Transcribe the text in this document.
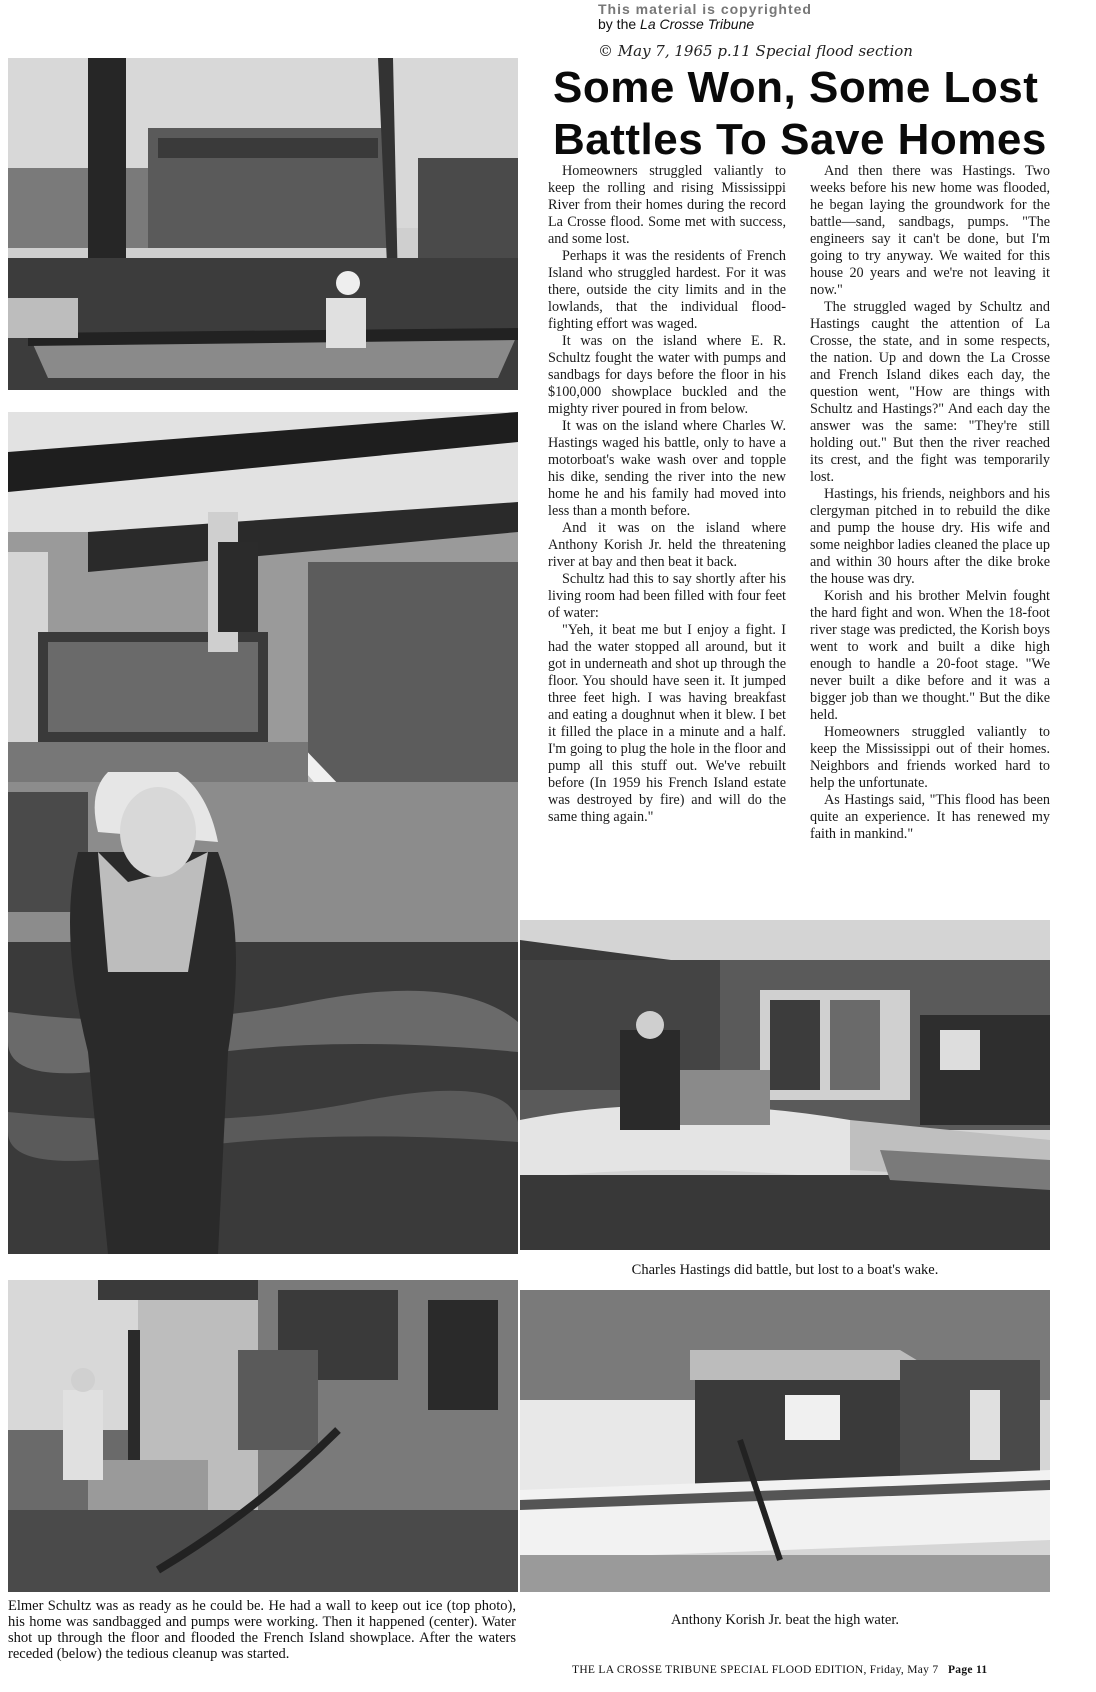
This material is copyrighted
by the La Crosse Tribune
© May 7, 1965 p.11 Special flood section
Some Won, Some Lost
Battles To Save Homes

Homeowners struggled valiantly to keep the rolling and rising Mississippi River from their homes during the record La Crosse flood. Some met with success, and some lost.

Perhaps it was the residents of French Island who struggled hardest. For it was there, outside the city limits and in the lowlands, that the individual flood-fighting effort was waged.

It was on the island where E. R. Schultz fought the water with pumps and sandbags for days before the floor in his $100,000 showplace buckled and the mighty river poured in from below.

It was on the island where Charles W. Hastings waged his battle, only to have a motorboat's wake wash over and topple his dike, sending the river into the new home he and his family had moved into less than a month before.

And it was on the island where Anthony Korish Jr. held the threatening river at bay and then beat it back.

Schultz had this to say shortly after his living room had been filled with four feet of water:

"Yeh, it beat me but I enjoy a fight. I had the water stopped all around, but it got in underneath and shot up through the floor. You should have seen it. It jumped three feet high. I was having breakfast and eating a doughnut when it blew. I bet it filled the place in a minute and a half. I'm going to plug the hole in the floor and pump all this stuff out. We've rebuilt before (In 1959 his French Island estate was destroyed by fire) and will do the same thing again."

And then there was Hastings. Two weeks before his new home was flooded, he began laying the groundwork for the battle—sand, sandbags, pumps. "The engineers say it can't be done, but I'm going to try anyway. We waited for this house 20 years and we're not leaving it now."

The struggled waged by Schultz and Hastings caught the attention of La Crosse, the state, and in some respects, the nation. Up and down the La Crosse and French Island dikes each day, the question went, "How are things with Schultz and Hastings?" And each day the answer was the same: "They're still holding out." But then the river reached its crest, and the fight was temporarily lost.

Hastings, his friends, neighbors and his clergyman pitched in to rebuild the dike and pump the house dry. His wife and some neighbor ladies cleaned the place up and within 30 hours after the dike broke the house was dry.

Korish and his brother Melvin fought the hard fight and won. When the 18-foot river stage was predicted, the Korish boys went to work and built a dike high enough to handle a 20-foot stage. "We never built a dike before and it was a bigger job than we thought." But the dike held.

Homeowners struggled valiantly to keep the Mississippi out of their homes. Neighbors and friends worked hard to help the unfortunate.

As Hastings said, "This flood has been quite an experience. It has renewed my faith in mankind."

Charles Hastings did battle, but lost to a boat's wake.
Elmer Schultz was as ready as he could be. He had a wall to keep out ice (top photo), his home was sandbagged and pumps were working. Then it happened (center). Water shot up through the floor and flooded the French Island showplace. After the waters receded (below) the tedious cleanup was started.
Anthony Korish Jr. beat the high water.
THE LA CROSSE TRIBUNE SPECIAL FLOOD EDITION, Friday, May 7 Page 11
